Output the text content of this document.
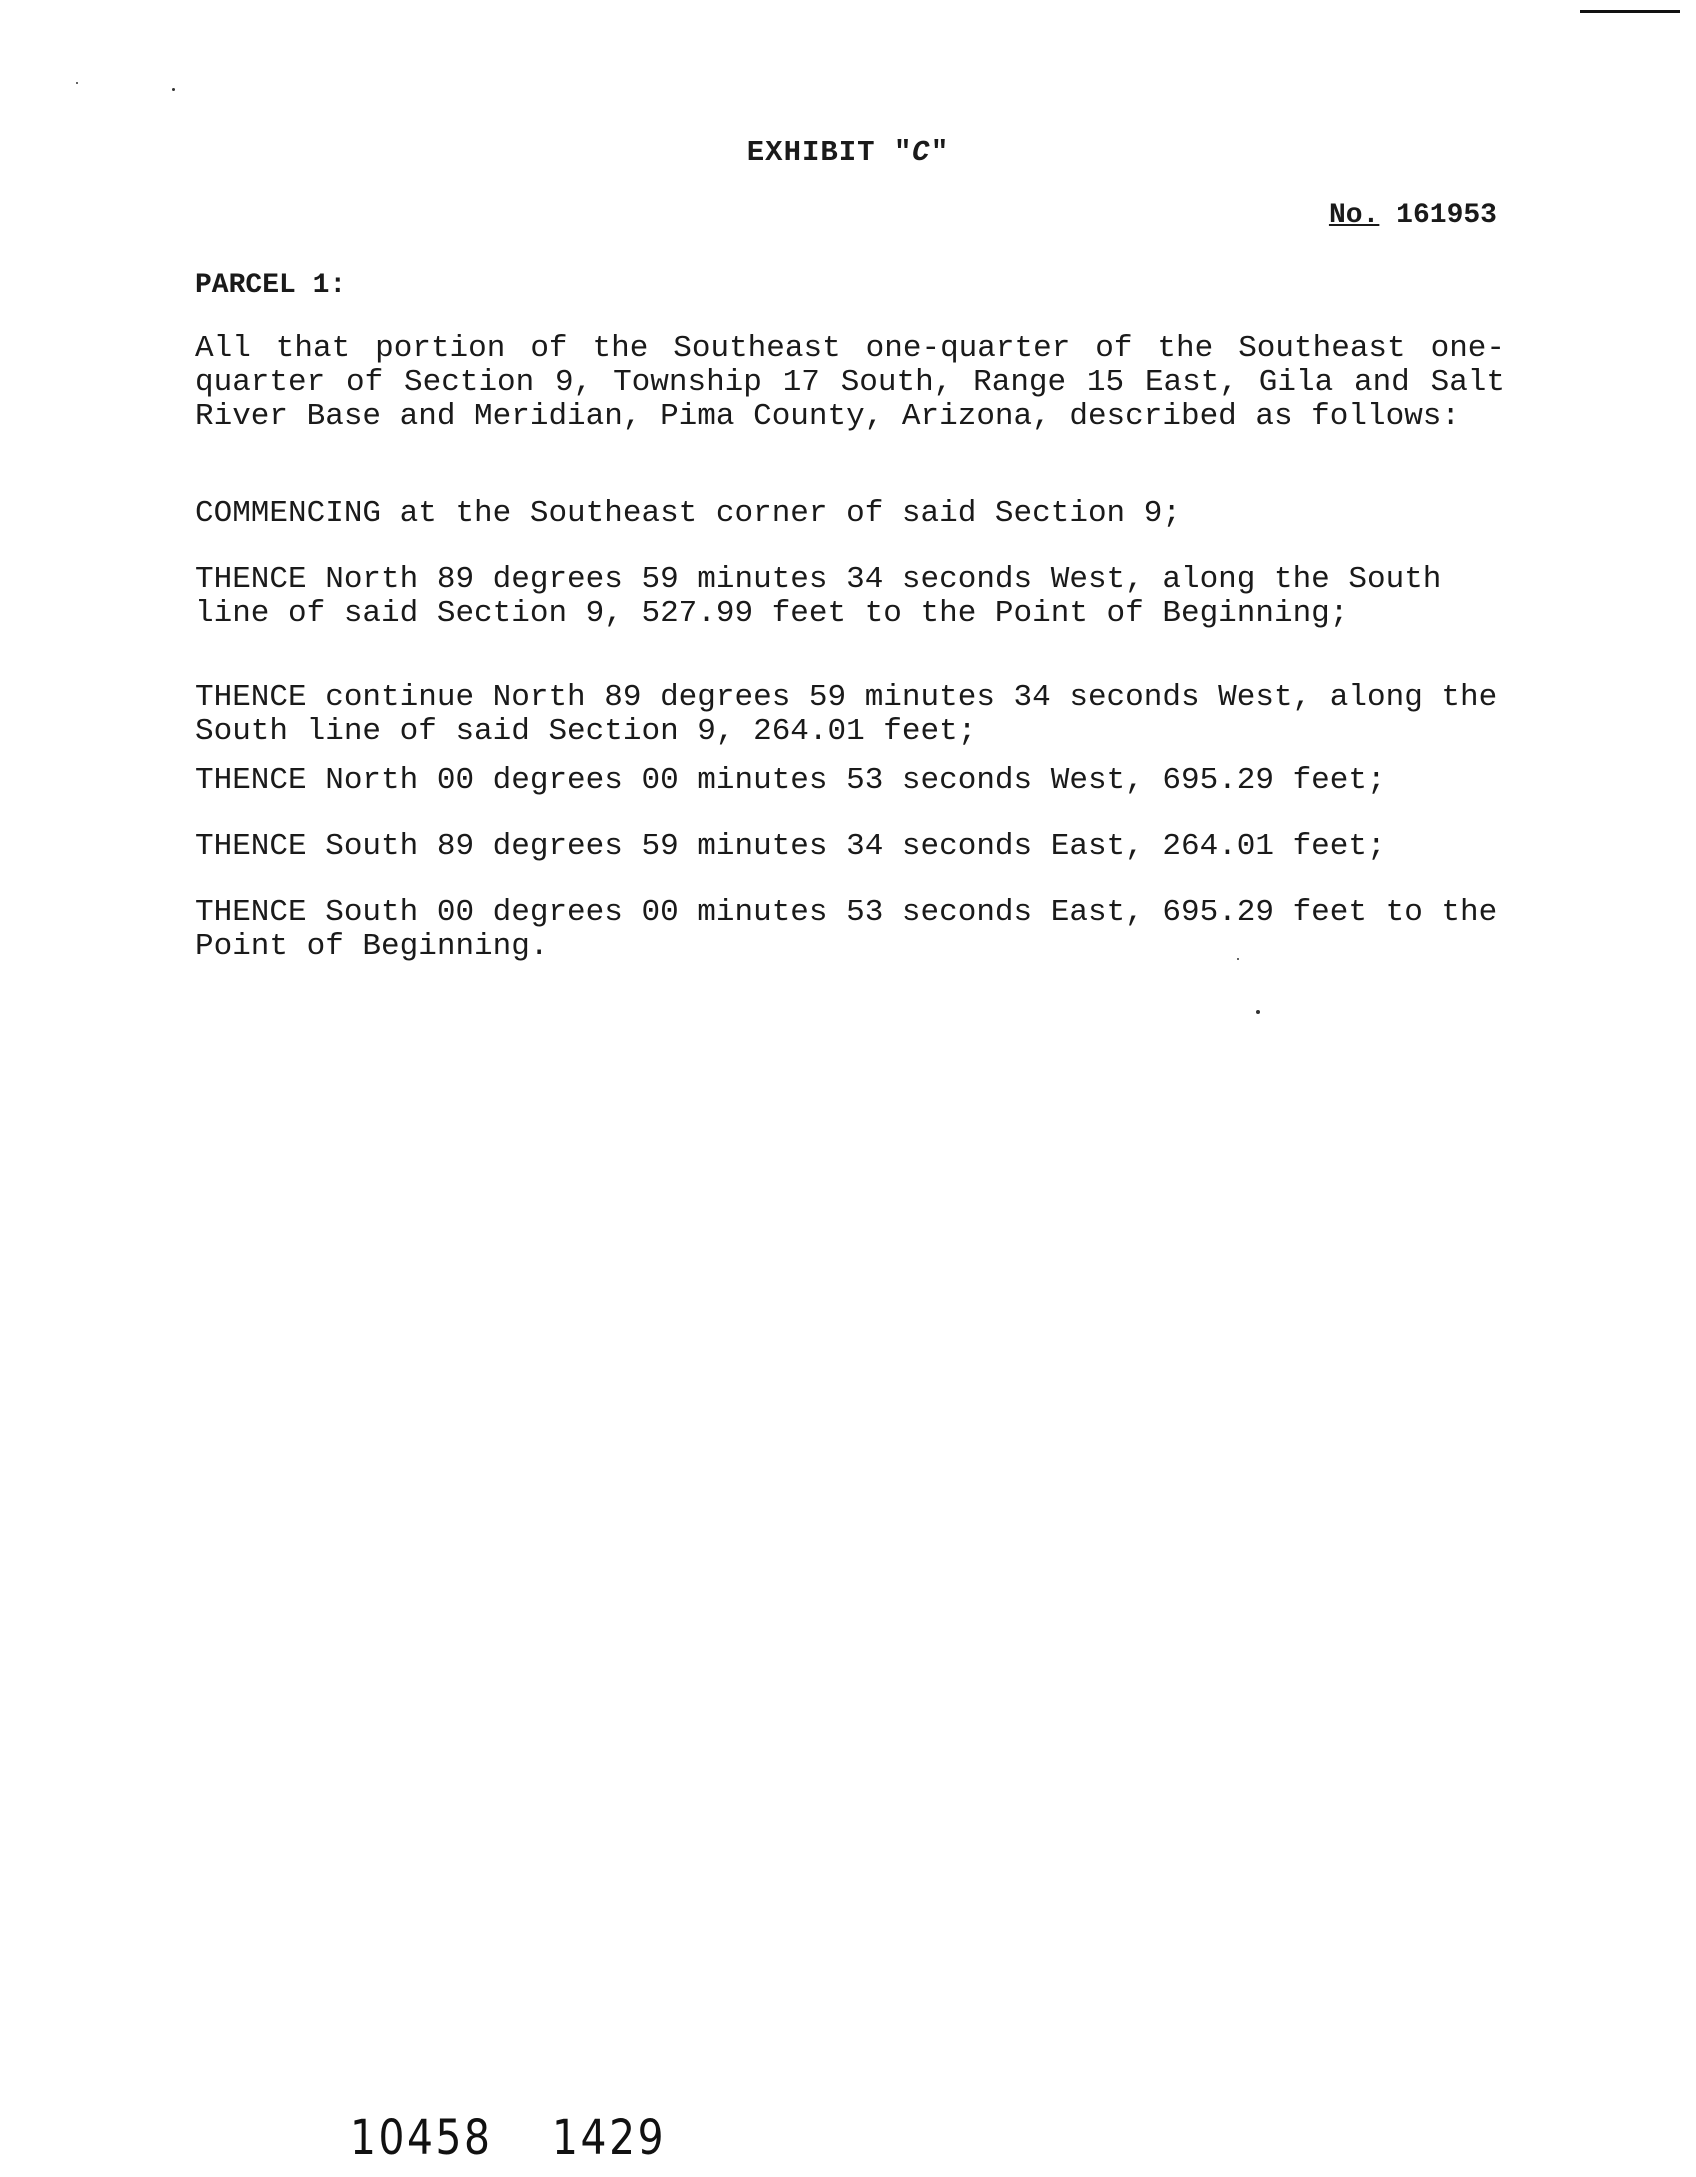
EXHIBIT "C"
No. 161953
PARCEL 1:
All that portion of the Southeast one-quarter of the Southeast one-quarter of Section 9, Township 17 South, Range 15 East, Gila and Salt River Base and Meridian, Pima County, Arizona, described as follows:
COMMENCING at the Southeast corner of said Section 9;
THENCE North 89 degrees 59 minutes 34 seconds West, along the South line of said Section 9, 527.99 feet to the Point of Beginning;
THENCE continue North 89 degrees 59 minutes 34 seconds West, along the South line of said Section 9, 264.01 feet;
THENCE North 00 degrees 00 minutes 53 seconds West, 695.29 feet;
THENCE South 89 degrees 59 minutes 34 seconds East, 264.01 feet;
THENCE South 00 degrees 00 minutes 53 seconds East, 695.29 feet to the Point of Beginning.
10458 1429
